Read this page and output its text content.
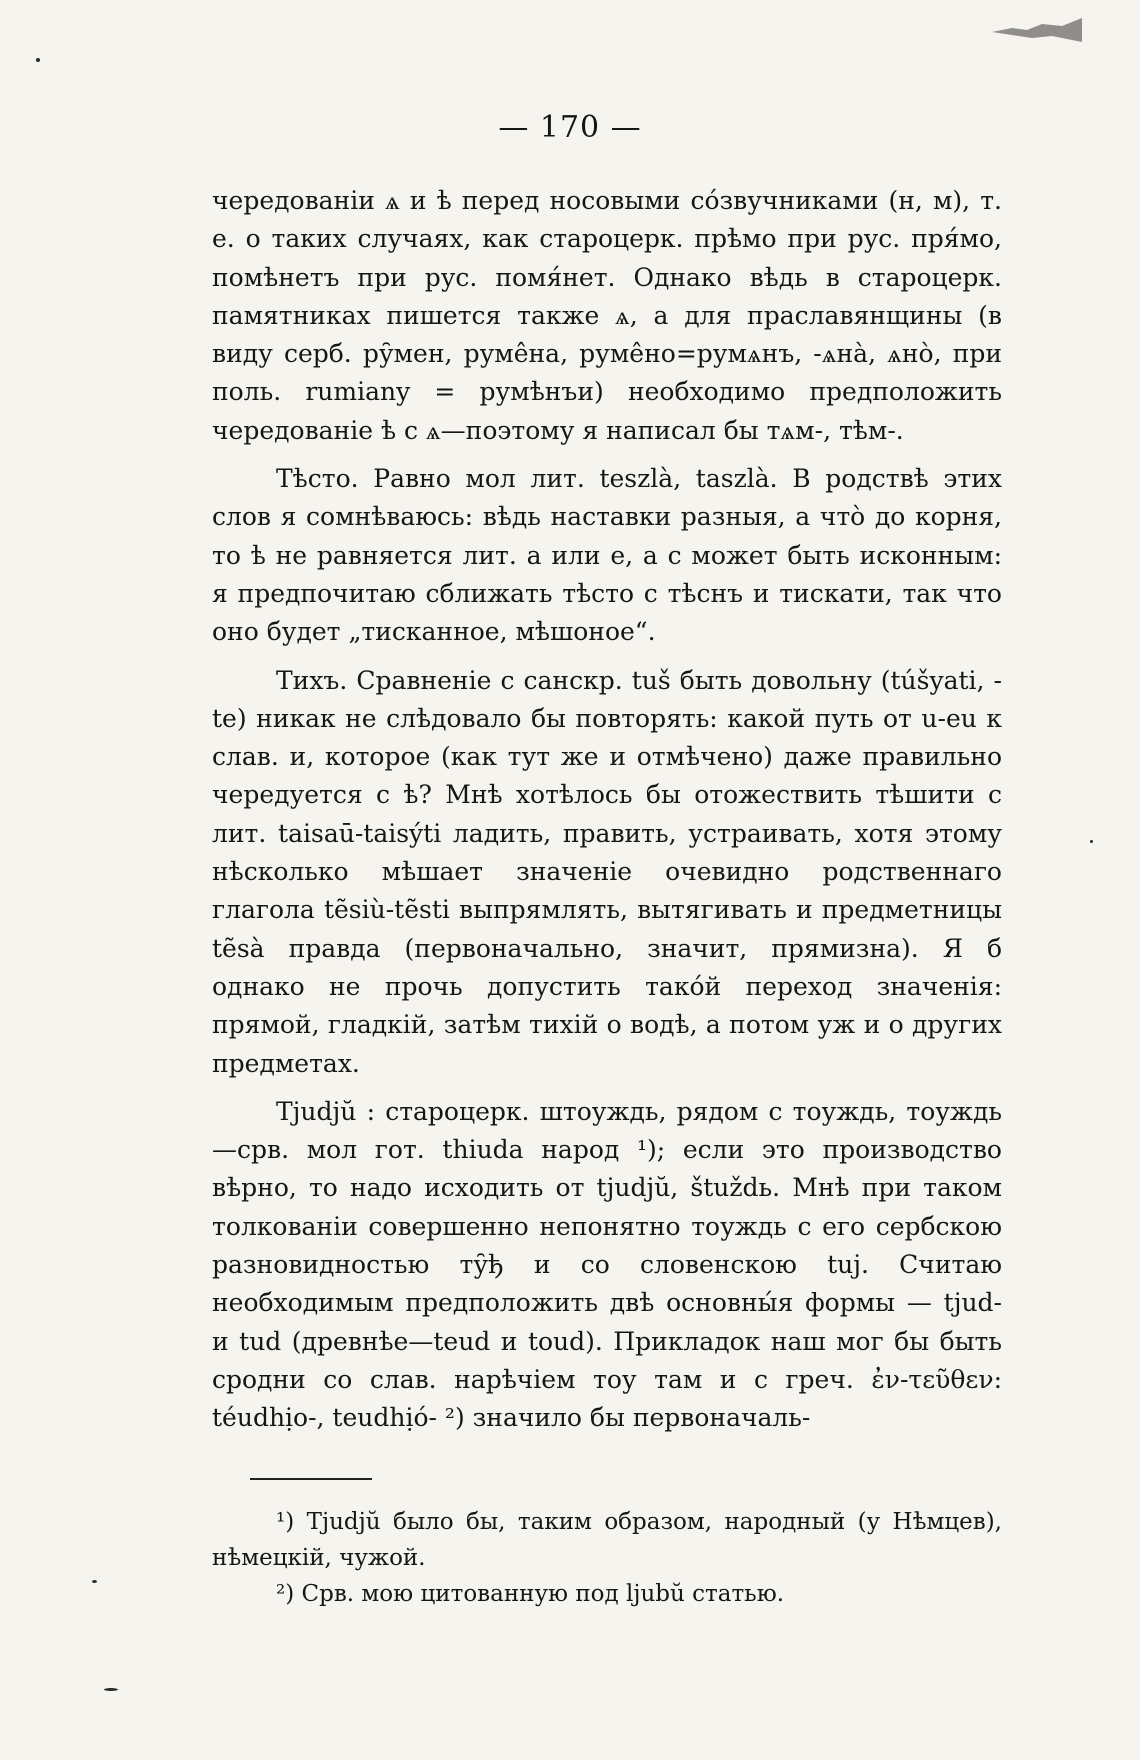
— 170 —

чередованіи ѧ и ѣ перед носовыми со́звучниками (н, м), т. е. о таких случаях, как староцерк. прѣмо при рус. пря́мо, помѣнетъ при рус. помя́нет. Однако вѣдь в староцерк. памятниках пишется также ѧ, а для праславянщины (в виду серб. ру̑мен, руме̂на, руме̂но=румѧнъ, -ѧна̀, ѧно̀, при поль. rumiany = румѣнъи) необходимо предположить чередованіе ѣ с ѧ—поэтому я написал бы тѧм-, тѣм-.

Тѣсто. Равно мол лит. teszlà, taszlà. В родствѣ этих слов я сомнѣваюсь: вѣдь наставки разныя, а что̀ до корня, то ѣ не равняется лит. a или e, а с может быть исконным: я предпочитаю сближать тѣсто с тѣснъ и тискати, так что оно будет „тисканное, мѣшоное“.

Тихъ. Сравненіе с санскр. tuš быть довольну (túšyati, -te) никак не слѣдовало бы повторять: какой путь от u-eu к слав. и, которое (как тут же и отмѣчено) даже правильно чередуется с ѣ? Мнѣ хотѣлось бы отожествить тѣшити с лит. taisaū-taisýti ладить, править, устраивать, хотя этому нѣсколько мѣшает значеніе очевидно родственнаго глагола tẽsiù-tẽsti выпрямлять, вытягивать и предметницы tẽsà правда (первоначально, значит, прямизна). Я б однако не прочь допустить тако́й переход значенія: прямой, гладкій, затѣм тихій о водѣ, а потом уж и о других предметах.

Tjudjŭ : староцерк. штоуждь, рядом с тоуждь, тоуждь—срв. мол гот. thiuda народ ¹); если это производство вѣрно, то надо исходить от tjudjŭ, štuždь. Мнѣ при таком толкованіи совершенно непонятно тоуждь с его сербскою разновидностью ту̑ђ и со словенскою tuj. Считаю необходимым предположить двѣ основны́я формы — tjud- и tud (древнѣе—teud и toud). Прикладок наш мог бы быть сродни со слав. нарѣчіем тоу там и с греч. ἐν-τεῦθεν: téudhịo-, teudhịó- ²) значило бы первоначаль-

¹) Tjudjŭ было бы, таким образом, народный (у Нѣмцев), нѣмецкій, чужой.

²) Срв. мою цитованную под ljubŭ статью.
